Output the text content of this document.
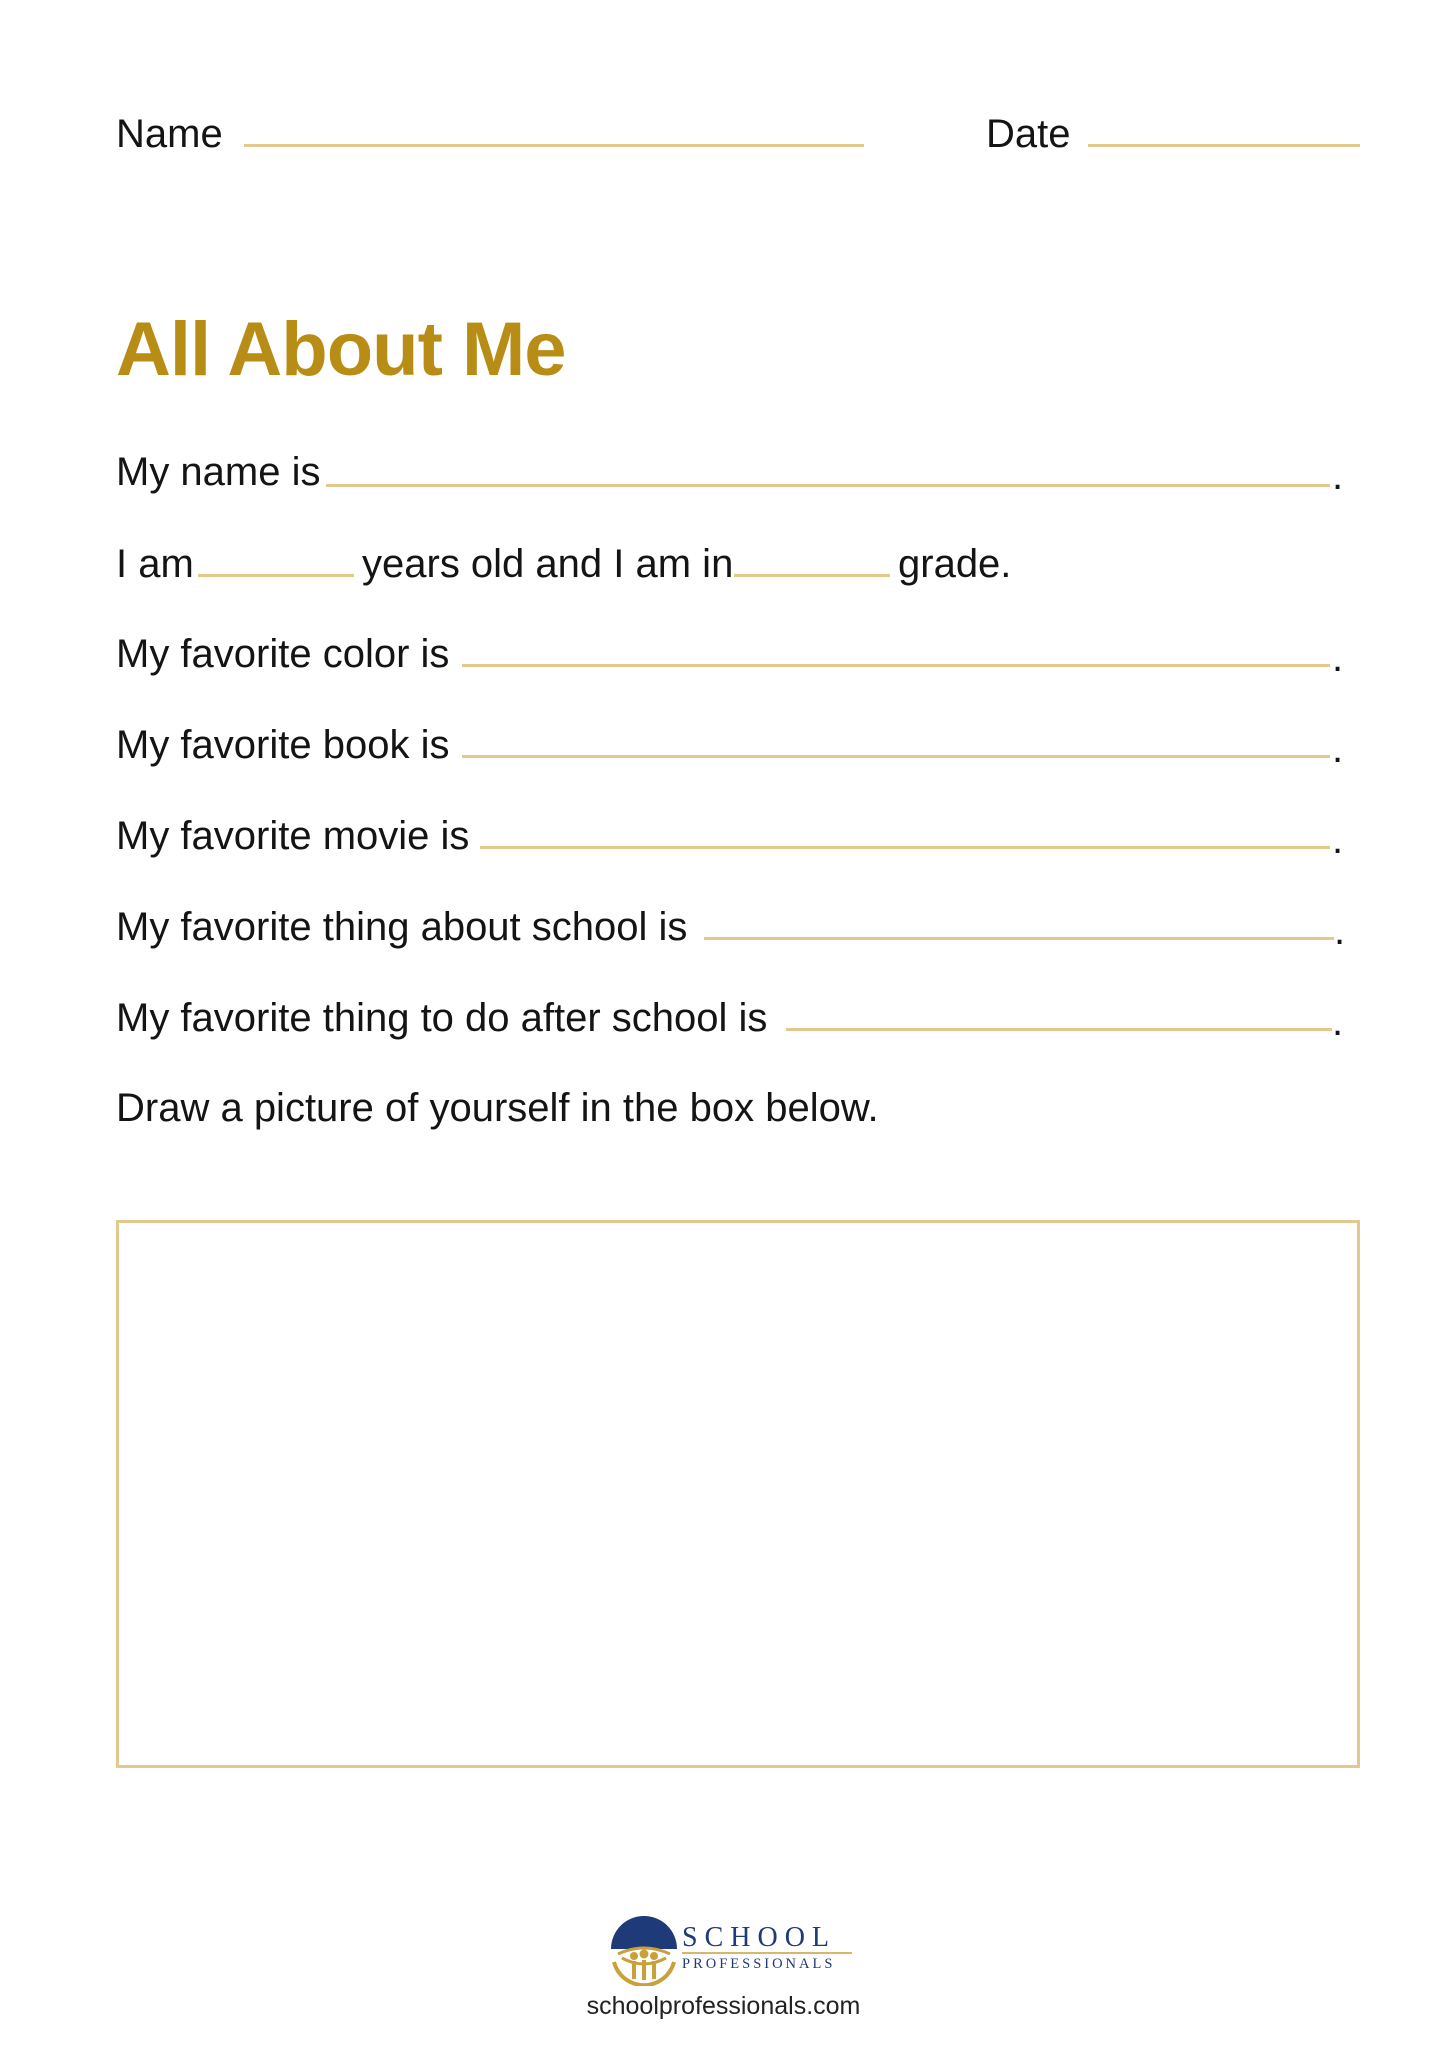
Name	Date
All About Me
My name is	.
I am	years old and I am in	grade.
My favorite color is	.
My favorite book is	.
My favorite movie is	.
My favorite thing about school is	.
My favorite thing to do after school is	.
Draw a picture of yourself in the box below.
SCHOOL
PROFESSIONALS
schoolprofessionals.com
